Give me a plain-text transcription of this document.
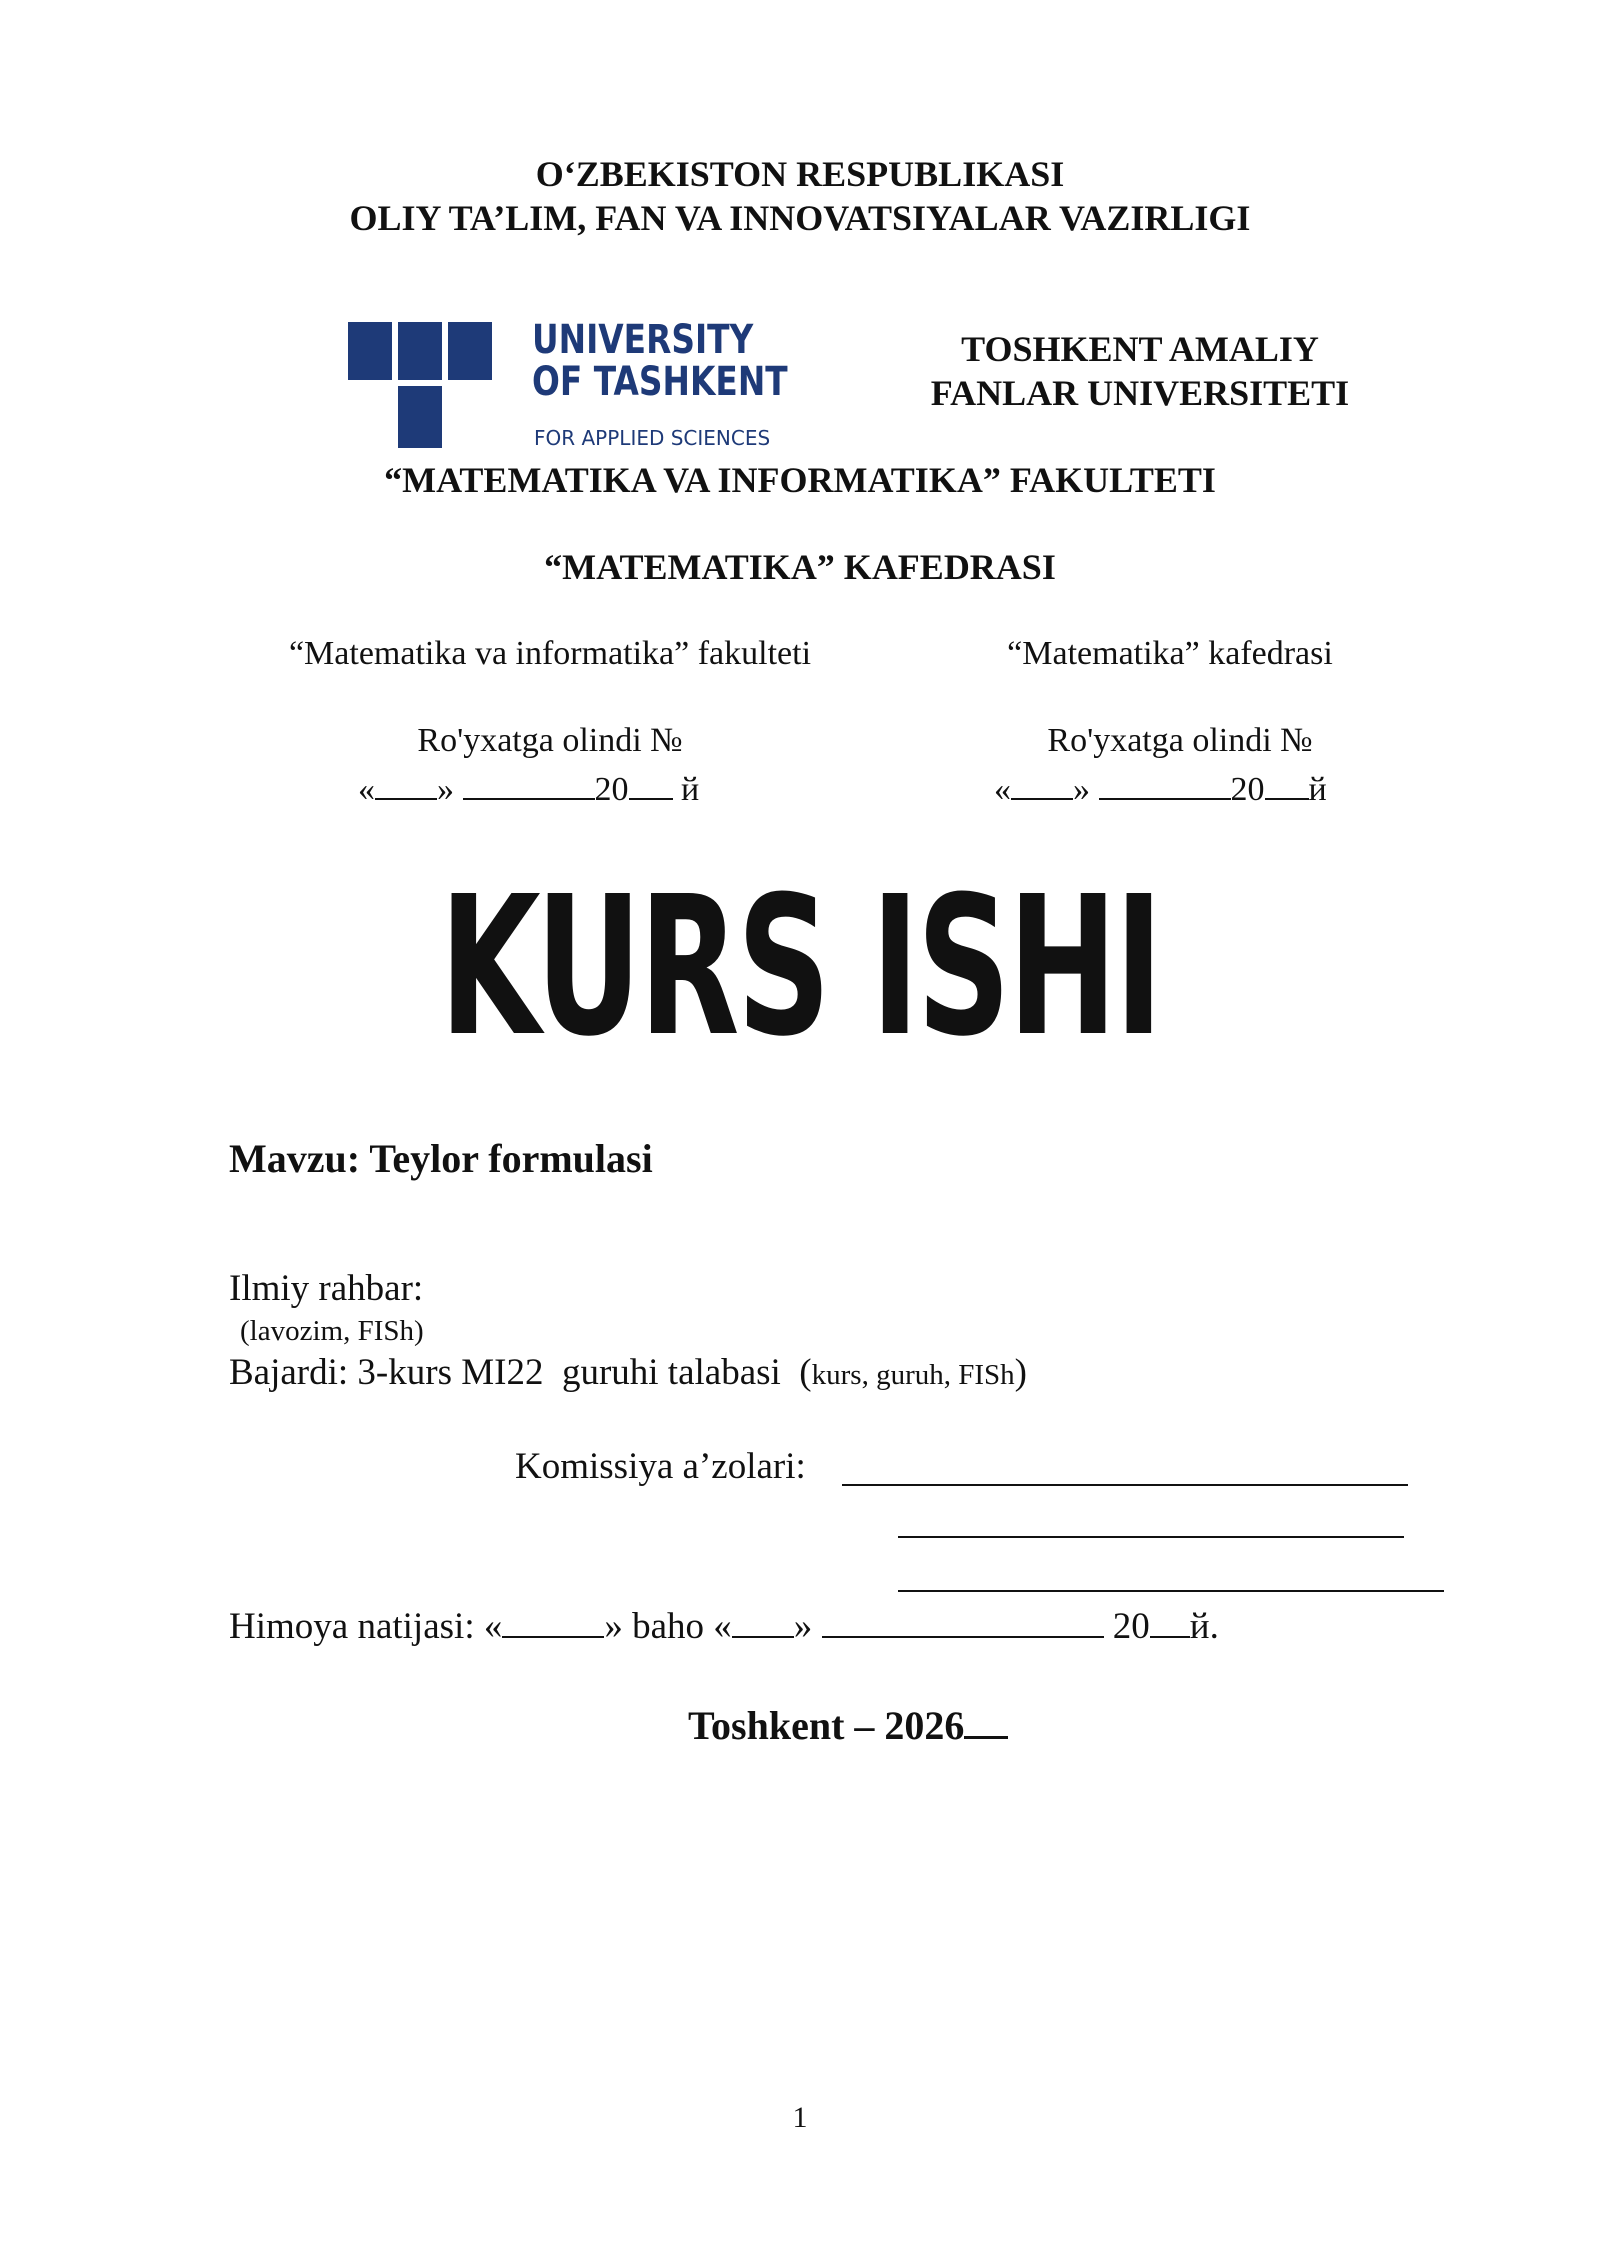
O‘ZBEKISTON RESPUBLIKASI
OLIY TA’LIM, FAN VA INNOVATSIYALAR VAZIRLIGI
UNIVERSITY
OF TASHKENT
FOR APPLIED SCIENCES
TOSHKENT AMALIY
FANLAR UNIVERSITETI
“MATEMATIKA VA INFORMATIKA” FAKULTETI
“MATEMATIKA” KAFEDRASI
“Matematika va informatika” fakulteti	“Matematika” kafedrasi
Ro'yxatga olindi №	Ro'yxatga olindi №
« »	20 й	« »	20 й
KURS ISHI
Mavzu: Teylor formulasi
Ilmiy rahbar:
(lavozim, FISh)
Bajardi: 3-kurs MI22  guruhi talabasi  (kurs, guruh, FISh)
Komissiya a’zolari:
Himoya natijasi: «	» baho « »	20 й.
Toshkent – 2026
1
